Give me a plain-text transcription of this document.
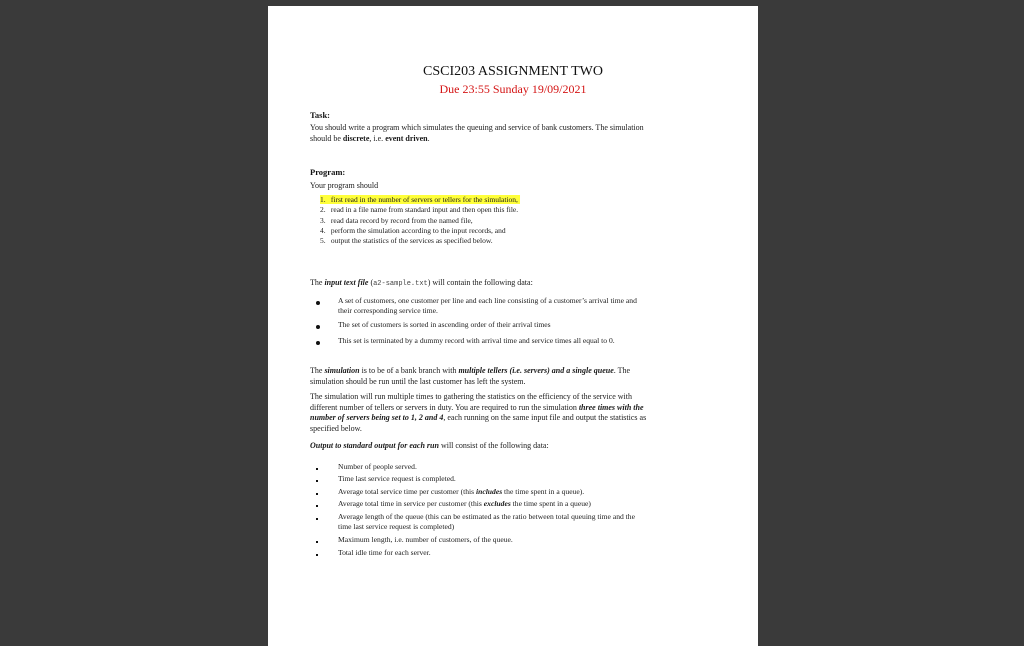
CSCI203 ASSIGNMENT TWO
Due 23:55 Sunday 19/09/2021
Task:
You should write a program which simulates the queuing and service of bank customers. The simulation
should be discrete, i.e. event driven.
Program:
Your program should
1. first read in the number of servers or tellers for the simulation,
2. read in a file name from standard input and then open this file.
3. read data record by record from the named file,
4. perform the simulation according to the input records, and
5. output the statistics of the services as specified below.
The input text file (a2-sample.txt) will contain the following data:
A set of customers, one customer per line and each line consisting of a customer’s arrival time and
their corresponding service time.
The set of customers is sorted in ascending order of their arrival times
This set is terminated by a dummy record with arrival time and service times all equal to 0.
The simulation is to be of a bank branch with multiple tellers (i.e. servers) and a single queue. The
simulation should be run until the last customer has left the system.
The simulation will run multiple times to gathering the statistics on the efficiency of the service with
different number of tellers or servers in duty. You are required to run the simulation three times with the
number of servers being set to 1, 2 and 4, each running on the same input file and output the statistics as
specified below.
Output to standard output for each run will consist of the following data:
Number of people served.
Time last service request is completed.
Average total service time per customer (this includes the time spent in a queue).
Average total time in service per customer (this excludes the time spent in a queue)
Average length of the queue (this can be estimated as the ratio between total queuing time and the
time last service request is completed)
Maximum length, i.e. number of customers, of the queue.
Total idle time for each server.
